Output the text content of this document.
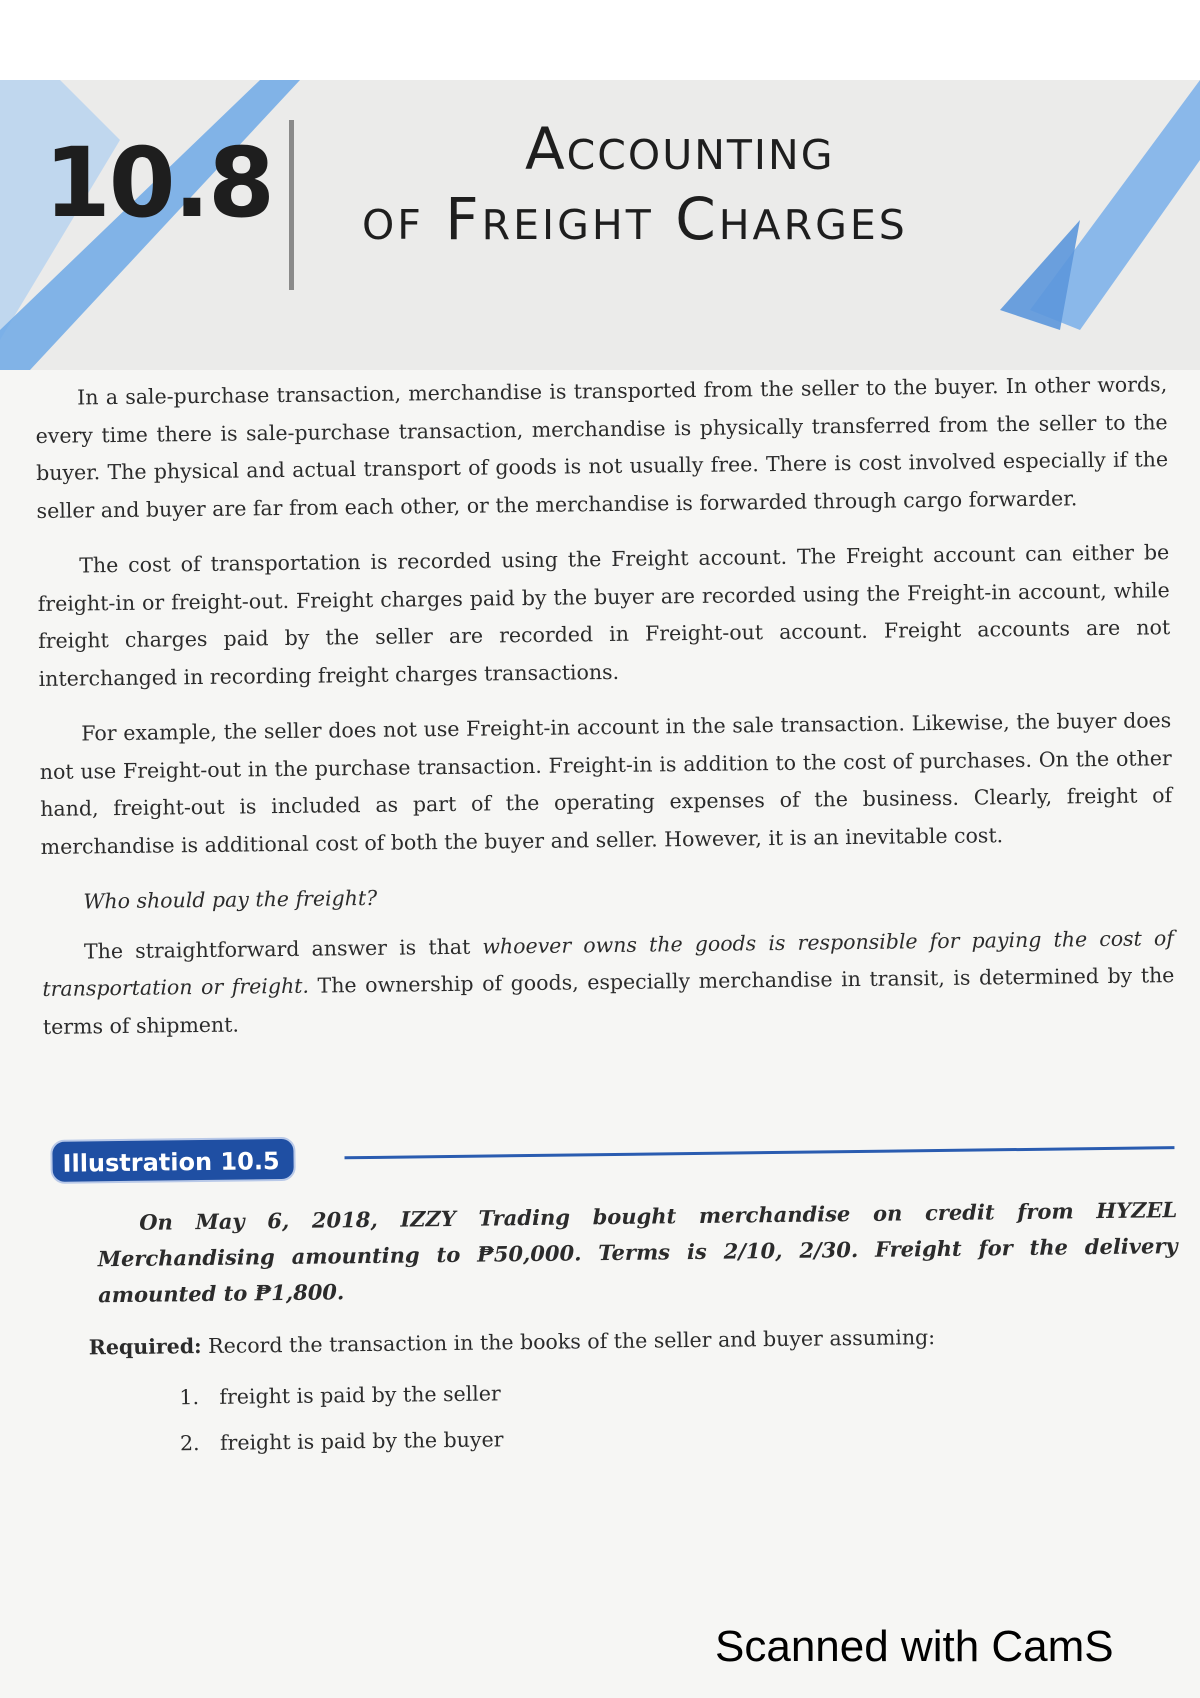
10.8	Accounting
of Freight Charges

In a sale-purchase transaction, merchandise is transported from the seller to the buyer. In other words, every time there is sale-purchase transaction, merchandise is physically transferred from the seller to the buyer. The physical and actual transport of goods is not usually free. There is cost involved especially if the seller and buyer are far from each other, or the merchandise is forwarded through cargo forwarder.

The cost of transportation is recorded using the Freight account. The Freight account can either be freight-in or freight-out. Freight charges paid by the buyer are recorded using the Freight-in account, while freight charges paid by the seller are recorded in Freight-out account. Freight accounts are not interchanged in recording freight charges transactions.

For example, the seller does not use Freight-in account in the sale transaction. Likewise, the buyer does not use Freight-out in the purchase transaction. Freight-in is addition to the cost of purchases. On the other hand, freight-out is included as part of the operating expenses of the business. Clearly, freight of merchandise is additional cost of both the buyer and seller. However, it is an inevitable cost.

Who should pay the freight?

The straightforward answer is that whoever owns the goods is responsible for paying the cost of transportation or freight. The ownership of goods, especially merchandise in transit, is determined by the terms of shipment.

Illustration 10.5

On May 6, 2018, IZZY Trading bought merchandise on credit from HYZEL Merchandising amounting to ₱50,000. Terms is 2/10, 2/30. Freight for the delivery amounted to ₱1,800.

Required: Record the transaction in the books of the seller and buyer assuming:

1. freight is paid by the seller
2. freight is paid by the buyer

Scanned with CamS
